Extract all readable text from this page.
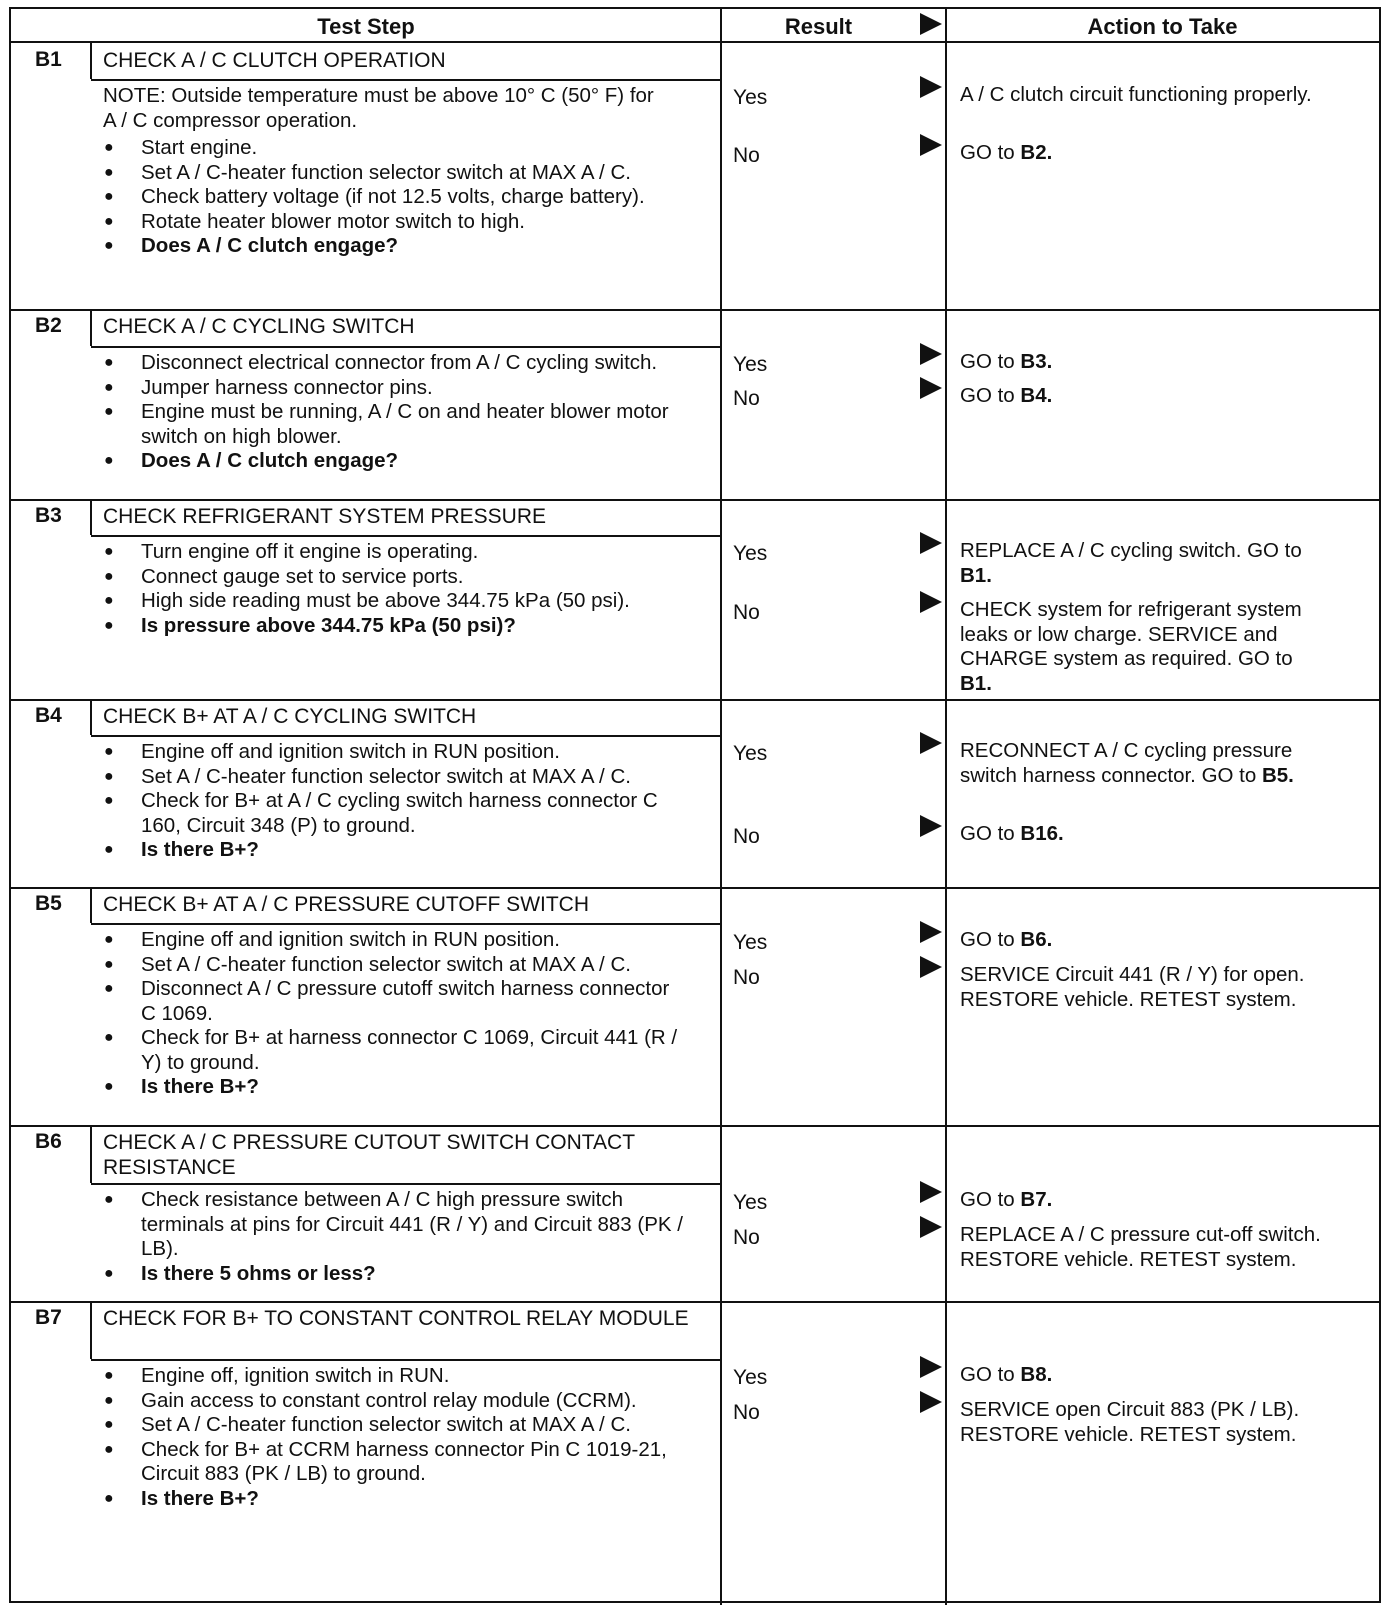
Test Step	Result	Action to Take
B1 CHECK A / C CLUTCH OPERATION
NOTE: Outside temperature must be above 10° C (50° F) for A / C compressor operation.
● Start engine.
● Set A / C-heater function selector switch at MAX A / C.
● Check battery voltage (if not 12.5 volts, charge battery).
● Rotate heater blower motor switch to high.
● Does A / C clutch engage?
Yes	A / C clutch circuit functioning properly.
No	GO to B2.
B2 CHECK A / C CYCLING SWITCH
● Disconnect electrical connector from A / C cycling switch.
● Jumper harness connector pins.
● Engine must be running, A / C on and heater blower motor switch on high blower.
● Does A / C clutch engage?
Yes	GO to B3.
No	GO to B4.
B3 CHECK REFRIGERANT SYSTEM PRESSURE
● Turn engine off it engine is operating.
● Connect gauge set to service ports.
● High side reading must be above 344.75 kPa (50 psi).
● Is pressure above 344.75 kPa (50 psi)?
Yes	REPLACE A / C cycling switch. GO to B1.
No	CHECK system for refrigerant system leaks or low charge. SERVICE and CHARGE system as required. GO to B1.
B4 CHECK B+ AT A / C CYCLING SWITCH
● Engine off and ignition switch in RUN position.
● Set A / C-heater function selector switch at MAX A / C.
● Check for B+ at A / C cycling switch harness connector C 160, Circuit 348 (P) to ground.
● Is there B+?
Yes	RECONNECT A / C cycling pressure switch harness connector. GO to B5.
No	GO to B16.
B5 CHECK B+ AT A / C PRESSURE CUTOFF SWITCH
● Engine off and ignition switch in RUN position.
● Set A / C-heater function selector switch at MAX A / C.
● Disconnect A / C pressure cutoff switch harness connector C 1069.
● Check for B+ at harness connector C 1069, Circuit 441 (R / Y) to ground.
● Is there B+?
Yes	GO to B6.
No	SERVICE Circuit 441 (R / Y) for open. RESTORE vehicle. RETEST system.
B6 CHECK A / C PRESSURE CUTOUT SWITCH CONTACT RESISTANCE
● Check resistance between A / C high pressure switch terminals at pins for Circuit 441 (R / Y) and Circuit 883 (PK / LB).
● Is there 5 ohms or less?
Yes	GO to B7.
No	REPLACE A / C pressure cut-off switch. RESTORE vehicle. RETEST system.
B7 CHECK FOR B+ TO CONSTANT CONTROL RELAY MODULE
● Engine off, ignition switch in RUN.
● Gain access to constant control relay module (CCRM).
● Set A / C-heater function selector switch at MAX A / C.
● Check for B+ at CCRM harness connector Pin C 1019-21, Circuit 883 (PK / LB) to ground.
● Is there B+?
Yes	GO to B8.
No	SERVICE open Circuit 883 (PK / LB). RESTORE vehicle. RETEST system.
